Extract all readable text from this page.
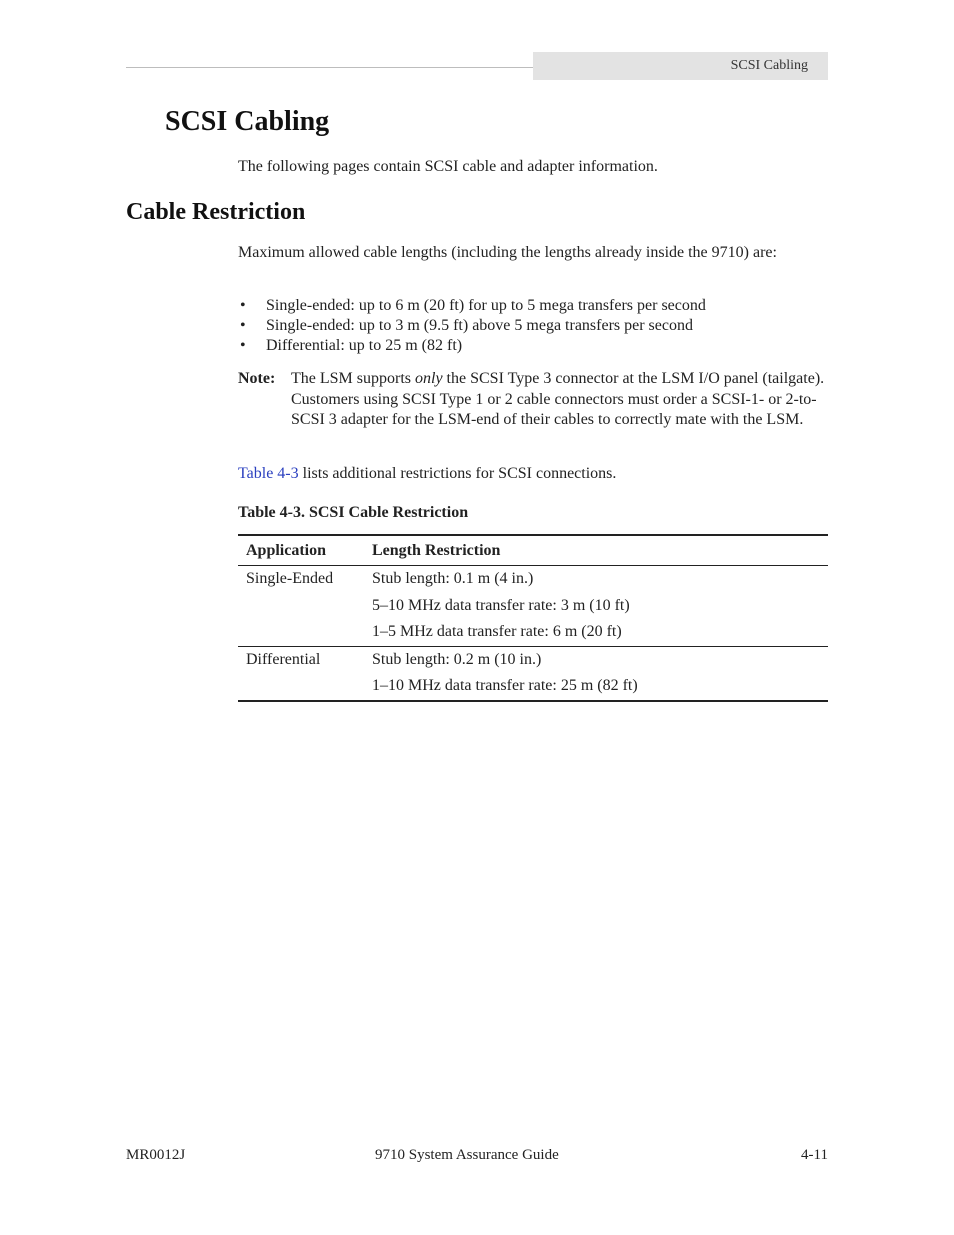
SCSI Cabling
SCSI Cabling

The following pages contain SCSI cable and adapter information.

Cable Restriction

Maximum allowed cable lengths (including the lengths already inside the 9710) are:

• Single-ended: up to 6 m (20 ft) for up to 5 mega transfers per second
• Single-ended: up to 3 m (9.5 ft) above 5 mega transfers per second
• Differential: up to 25 m (82 ft)
Note: The LSM supports only the SCSI Type 3 connector at the LSM I/O panel (tailgate). Customers using SCSI Type 1 or 2 cable connectors must order a SCSI-1- or 2-to-SCSI 3 adapter for the LSM-end of their cables to correctly mate with the LSM.

Table 4-3 lists additional restrictions for SCSI connections.

Table 4-3. SCSI Cable Restriction

Application	Length Restriction

Single-Ended	Stub length: 0.1 m (4 in.)
5–10 MHz data transfer rate: 3 m (10 ft)
1–5 MHz data transfer rate: 6 m (20 ft)

Differential	Stub length: 0.2 m (10 in.)
1–10 MHz data transfer rate: 25 m (82 ft)
MR0012J	9710 System Assurance Guide	4-11
